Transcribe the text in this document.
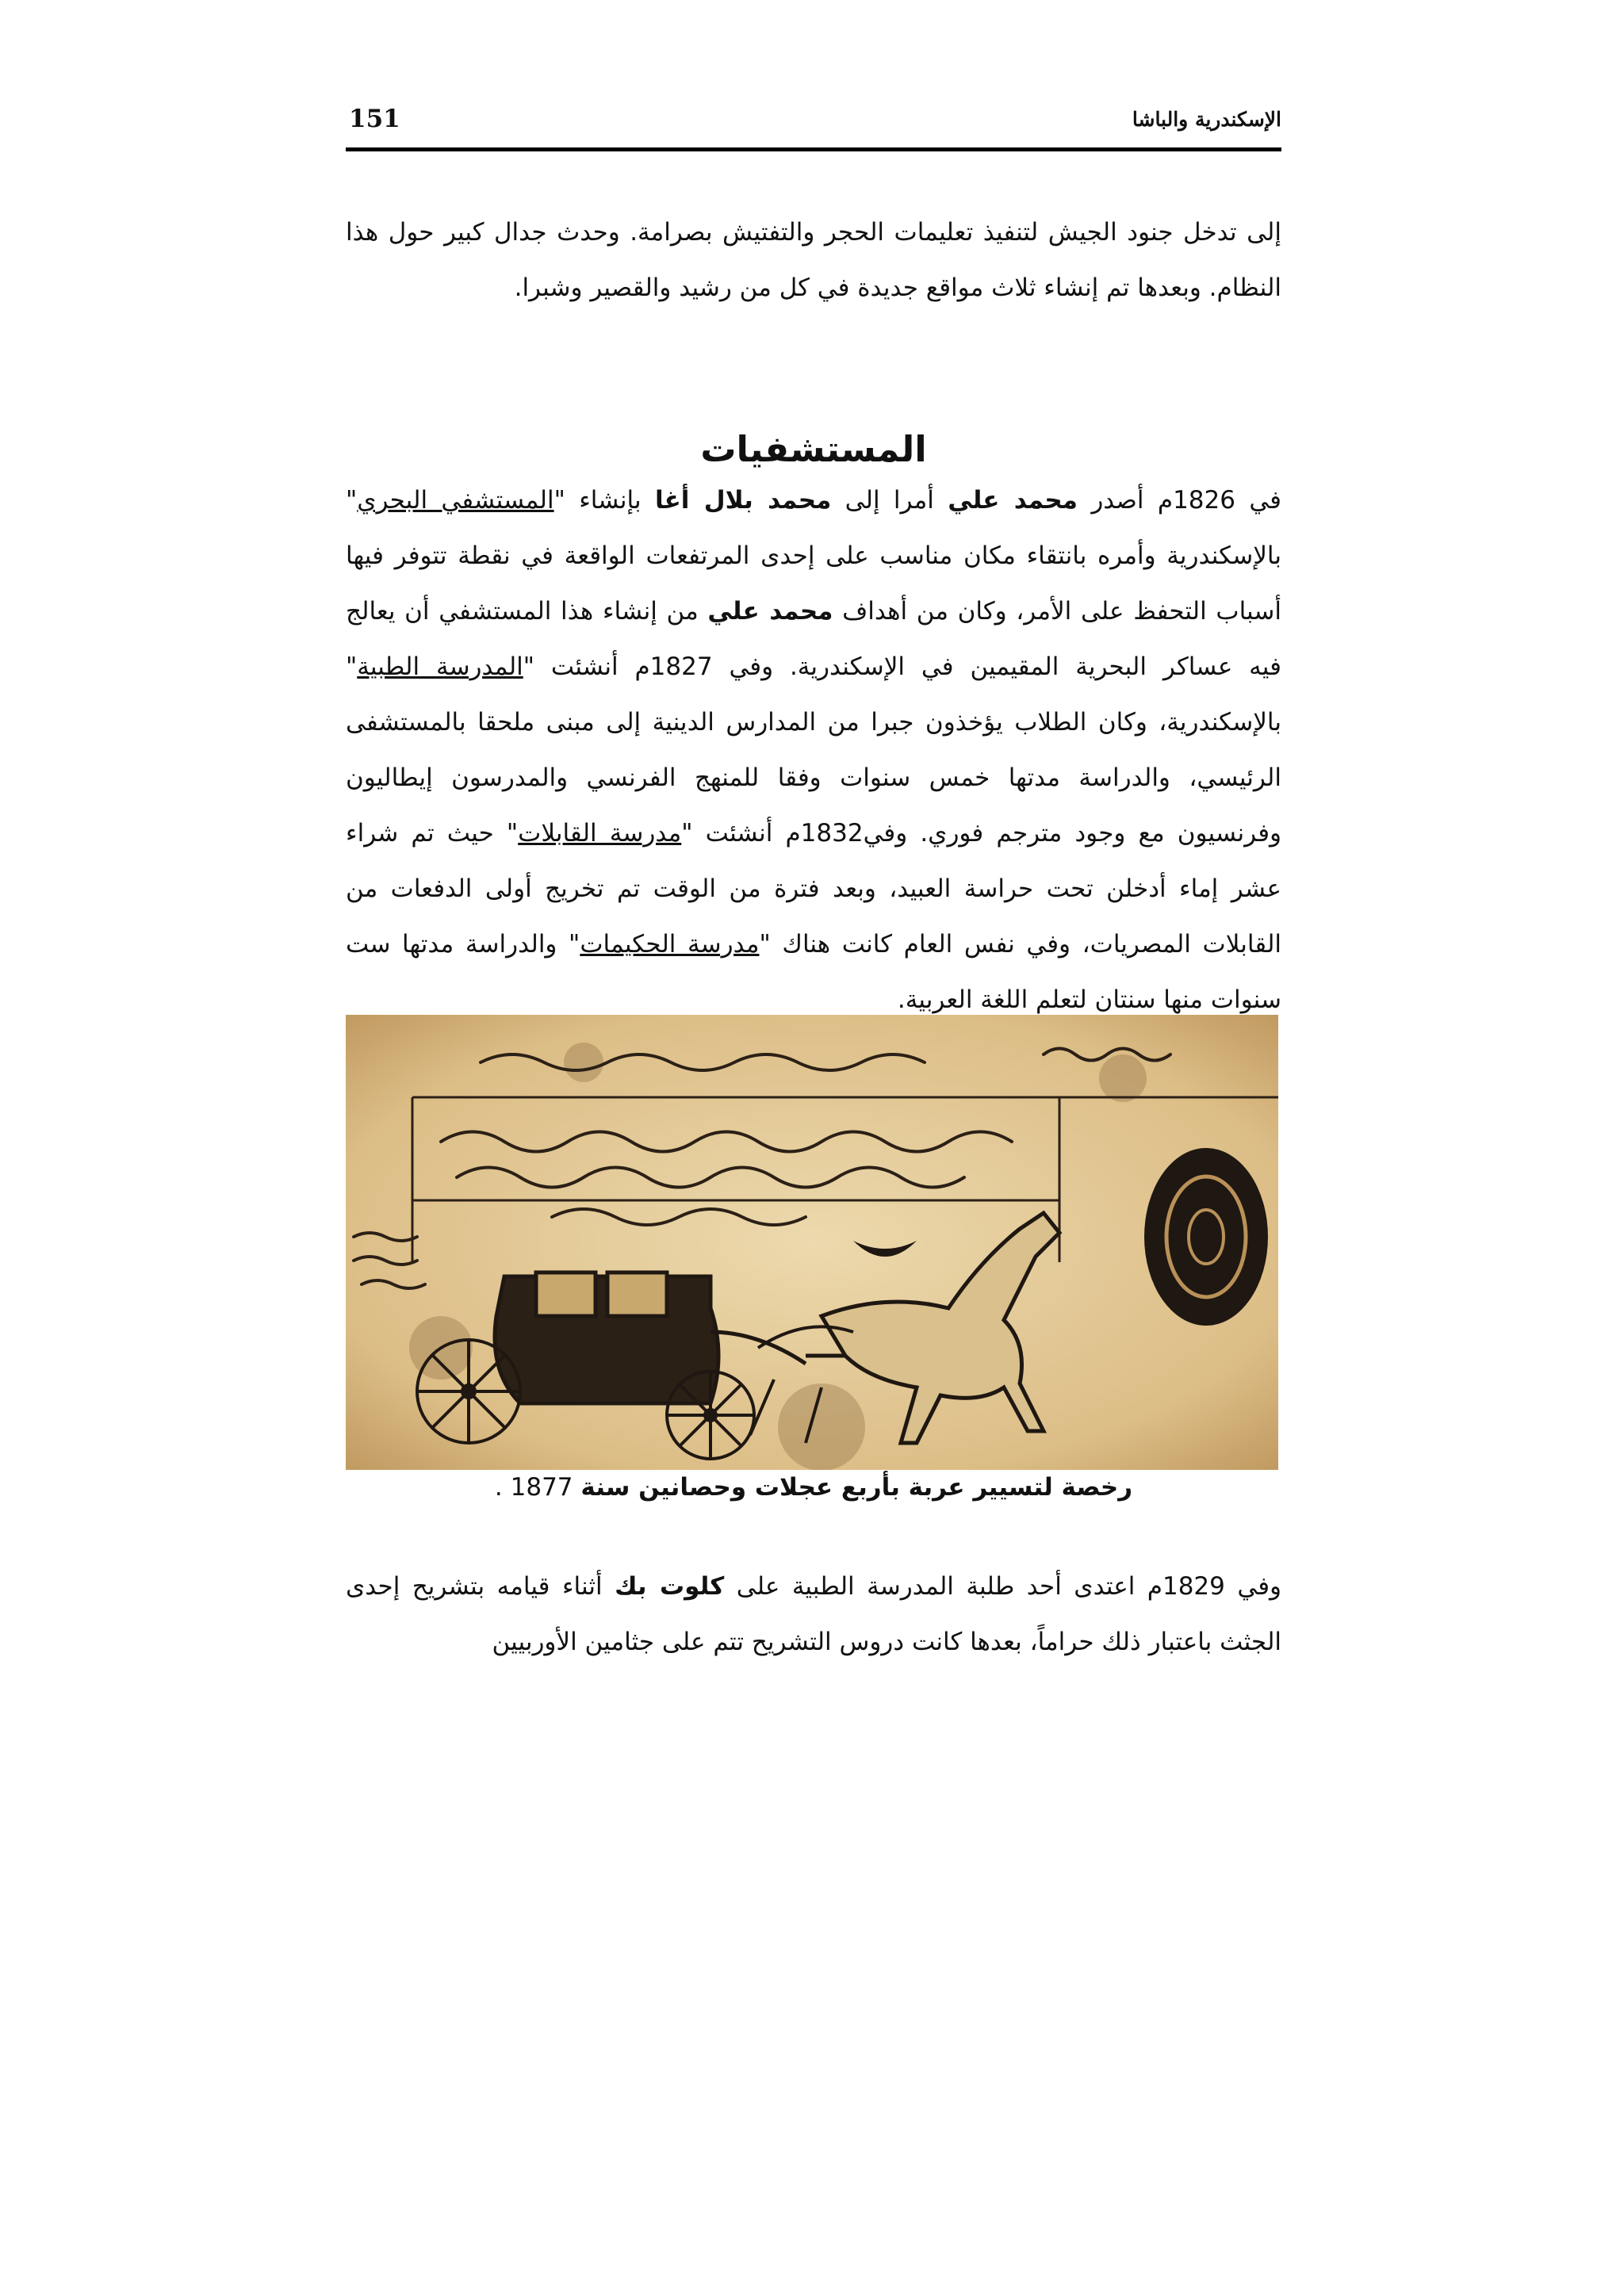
الإسكندرية والباشا
151

إلى تدخل جنود الجيش لتنفيذ تعليمات الحجر والتفتيش بصرامة. وحدث جدال كبير حول هذا النظام. وبعدها تم إنشاء ثلاث مواقع جديدة في كل من رشيد والقصير وشبرا.

المستشفيات

في 1826م أصدر محمد علي أمرا إلى محمد بلال أغا بإنشاء "المستشفي البحري" بالإسكندرية وأمره بانتقاء مكان مناسب على إحدى المرتفعات الواقعة في نقطة تتوفر فيها أسباب التحفظ على الأمر، وكان من أهداف محمد علي من إنشاء هذا المستشفي أن يعالج فيه عساكر البحرية المقيمين في الإسكندرية. وفي 1827م أنشئت "المدرسة الطبية" بالإسكندرية، وكان الطلاب يؤخذون جبرا من المدارس الدينية إلى مبنى ملحقا بالمستشفى الرئيسي، والدراسة مدتها خمس سنوات وفقا للمنهج الفرنسي والمدرسون إيطاليون وفرنسيون مع وجود مترجم فوري. وفي1832م أنشئت "مدرسة القابلات" حيث تم شراء عشر إماء أدخلن تحت حراسة العبيد، وبعد فترة من الوقت تم تخريج أولى الدفعات من القابلات المصريات، وفي نفس العام كانت هناك "مدرسة الحكيمات" والدراسة مدتها ست سنوات منها سنتان لتعلم اللغة العربية.

رخصة لتسيير عربة بأربع عجلات وحصانين سنة 1877 .

وفي 1829م اعتدى أحد طلبة المدرسة الطبية على كلوت بك أثناء قيامه بتشريح إحدى الجثث باعتبار ذلك حراماً، بعدها كانت دروس التشريح تتم على جثامين الأوربيين
